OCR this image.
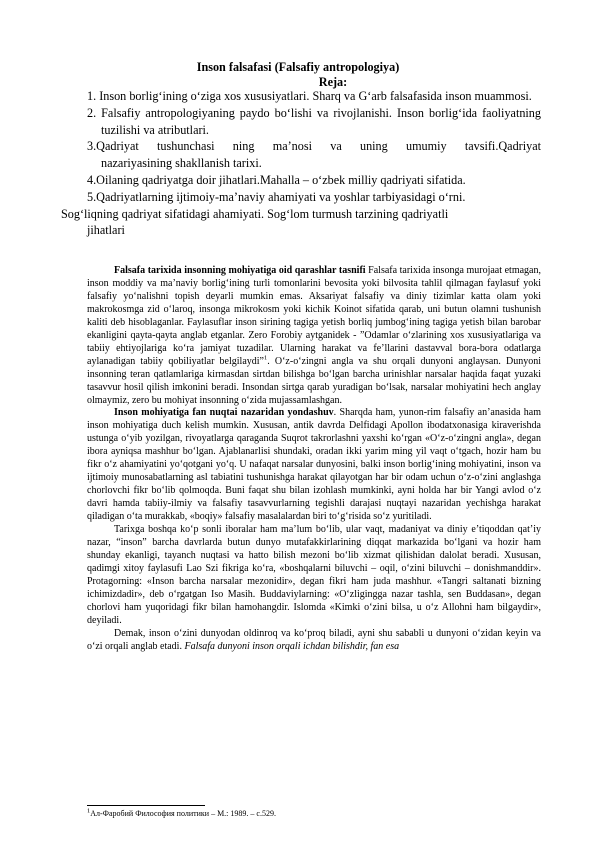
Inson falsafasi (Falsafiy antropologiya)
Reja:

1. Inson borlig‘ining o‘ziga xos xususiyatlari. Sharq va G‘arb falsafasida inson muammosi.

2. Falsafiy antropologiyaning paydo bo‘lishi va rivojlanishi. Inson borlig‘ida faoliyatning tuzilishi va atributlari.

3.Qadriyat tushunchasi ning ma’nosi va uning umumiy tavsifi.Qadriyat

nazariyasining shakllanish tarixi.

4.Oilaning qadriyatga doir jihatlari.Mahalla – o‘zbek milliy qadriyati sifatida.

5.Qadriyatlarning ijtimoiy-ma’naviy ahamiyati va yoshlar tarbiyasidagi o‘rni.

Sog‘liqning qadriyat sifatidagi ahamiyati. Sog‘lom turmush tarzining qadriyatli

jihatlari

Falsafa tarixida insonning mohiyatiga oid qarashlar tasnifi Falsafa tarixida insonga murojaat etmagan, inson moddiy va ma’naviy borlig‘ining turli tomonlarini bevosita yoki bilvosita tahlil qilmagan faylasuf yoki falsafiy yo‘nalishni topish deyarli mumkin emas. Aksariyat falsafiy va diniy tizimlar katta olam yoki makrokosmga zid o‘laroq, insonga mikrokosm yoki kichik Koinot sifatida qarab, uni butun olamni tushunish kaliti deb hisoblaganlar. Faylasuflar inson sirining tagiga yetish borliq jumbog‘ining tagiga yetish bilan barobar ekanligini qayta-qayta anglab etganlar. Zero Forobiy aytganidek - ”Odamlar o‘zlarining xos xususiyatlariga va tabiiy ehtiyojlariga ko‘ra jamiyat tuzadilar. Ularning harakat va fe’llarini dastavval bora-bora odatlarga aylanadigan tabiiy qobiliyatlar belgilaydi”$^1$. O‘z-o‘zingni angla va shu orqali dunyoni anglaysan. Dunyoni insonning teran qatlamlariga kirmasdan sirtdan bilishga bo‘lgan barcha urinishlar narsalar haqida faqat yuzaki tasavvur hosil qilish imkonini beradi. Insondan sirtga qarab yuradigan bo‘lsak, narsalar mohiyatini hech anglay olmaymiz, zero bu mohiyat insonning o‘zida mujassamlashgan.

Inson mohiyatiga fan nuqtai nazaridan yondashuv. Sharqda ham, yunon-rim falsafiy an’anasida ham inson mohiyatiga duch kelish mumkin. Xususan, antik davrda Delfidagi Apollon ibodatxonasiga kiraverishda ustunga o‘yib yozilgan, rivoyatlarga qaraganda Suqrot takrorlashni yaxshi ko‘rgan «O‘z-o‘zingni angla», degan ibora ayniqsa mashhur bo‘lgan. Ajablanarlisi shundaki, oradan ikki yarim ming yil vaqt o‘tgach, hozir ham bu fikr o‘z ahamiyatini yo‘qotgani yo‘q. U nafaqat narsalar dunyosini, balki inson borlig‘ining mohiyatini, inson va ijtimoiy munosabatlarning asl tabiatini tushunishga harakat qilayotgan har bir odam uchun o‘z-o‘zini anglashga chorlovchi fikr bo‘lib qolmoqda. Buni faqat shu bilan izohlash mumkinki, ayni holda har bir Yangi avlod o‘z davri hamda tabiiy-ilmiy va falsafiy tasavvurlarning tegishli darajasi nuqtayi nazaridan yechishga harakat qiladigan o‘ta murakkab, «boqiy» falsafiy masalalardan biri to‘g‘risida so‘z yuritiladi.

Tarixga boshqa ko‘p sonli iboralar ham ma’lum bo‘lib, ular vaqt, madaniyat va diniy e’tiqoddan qat’iy nazar, “inson” barcha davrlarda butun dunyo mutafakkirlarining diqqat markazida bo‘lgani va hozir ham shunday ekanligi, tayanch nuqtasi va hatto bilish mezoni bo‘lib xizmat qilishidan dalolat beradi. Xususan, qadimgi xitoy faylasufi Lao Szi fikriga ko‘ra, «boshqalarni biluvchi – oqil, o‘zini biluvchi – donishmanddir». Protagorning: «Inson barcha narsalar mezonidir», degan fikri ham juda mashhur. «Tangri saltanati bizning ichimizdadir», deb o‘rgatgan Iso Masih. Buddaviylarning: «O‘zligingga nazar tashla, sen Buddasan», degan chorlovi ham yuqoridagi fikr bilan hamohangdir. Islomda «Kimki o‘zini bilsa, u o‘z Allohni ham bilgaydir», deyiladi.

Demak, inson o‘zini dunyodan oldinroq va ko‘proq biladi, ayni shu sababli u dunyoni o‘zidan keyin va o‘zi orqali anglab etadi. Falsafa dunyoni inson orqali ichdan bilishdir, fan esa

$^1$Ал-Фаробий Философия политики – М.: 1989. – с.529.
